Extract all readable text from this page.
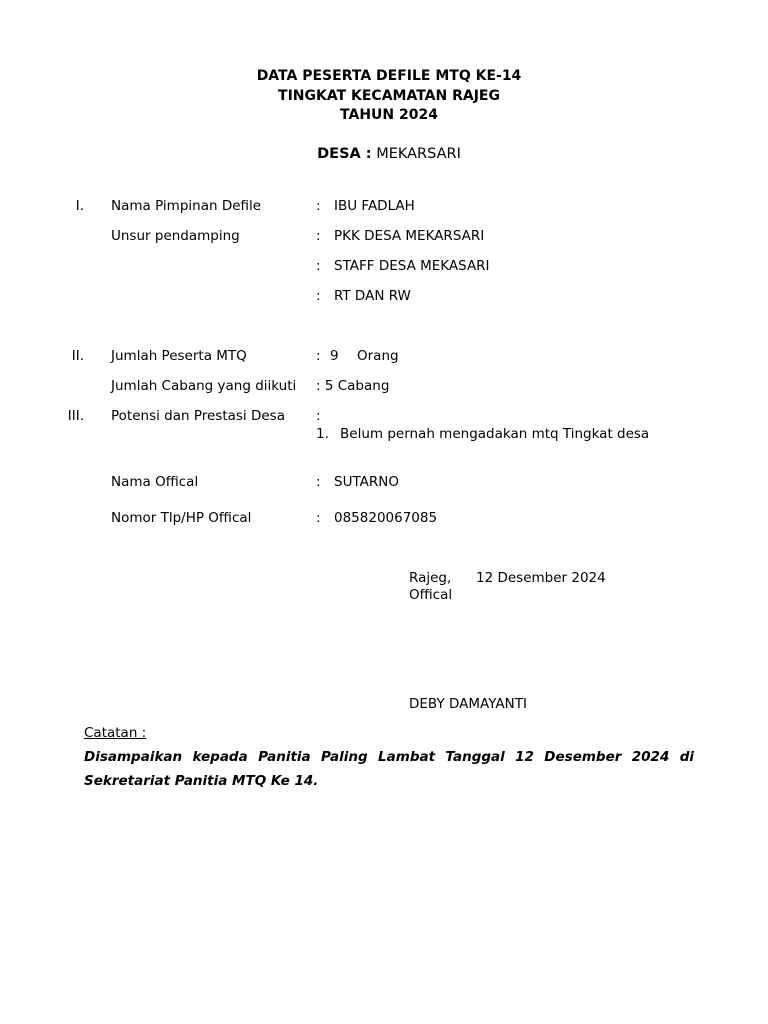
DATA PESERTA DEFILE MTQ KE-14
TINGKAT KECAMATAN RAJEG
TAHUN 2024
DESA : MEKARSARI
I. Nama Pimpinan Defile	: IBU FADLAH
Unsur pendamping	: PKK DESA MEKARSARI
: STAFF DESA MEKASARI
: RT DAN RW
II. Jumlah Peserta MTQ	: 9 Orang
Jumlah Cabang yang diikuti : 5 Cabang
III. Potensi dan Prestasi Desa :
1. Belum pernah mengadakan mtq Tingkat desa
Nama Offical	: SUTARNO
Nomor Tlp/HP Offical	: 085820067085
Rajeg, 12 Desember 2024
Offical
DEBY DAMAYANTI
Catatan :
Disampaikan kepada Panitia Paling Lambat Tanggal 12 Desember 2024 di Sekretariat Panitia MTQ Ke 14.
